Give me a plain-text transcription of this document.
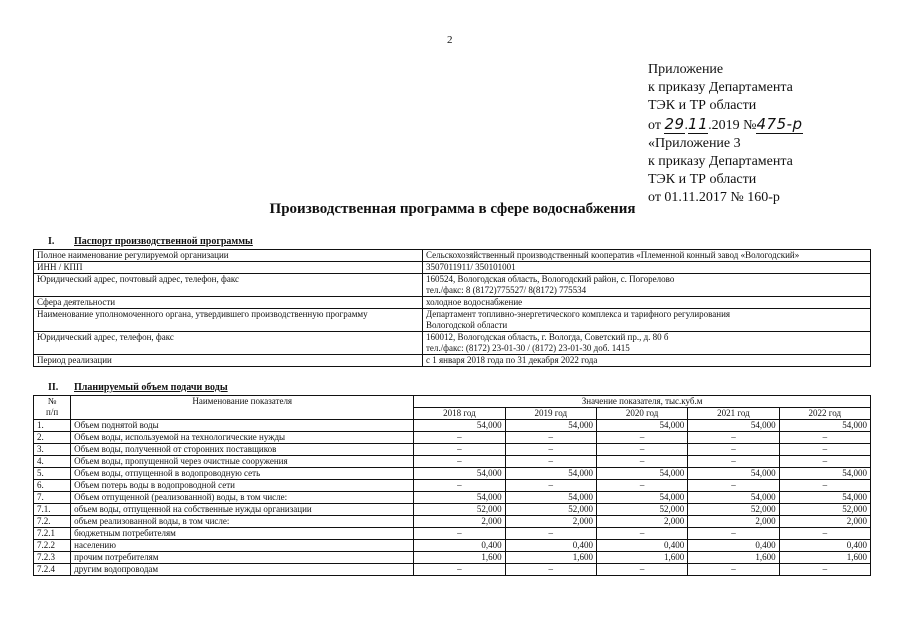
2
Приложение
к приказу Департамента
ТЭК и ТР области
от 29.11.2019 №475-р
«Приложение 3
к приказу Департамента
ТЭК и ТР области
от 01.11.2017 № 160-р
Производственная программа в сфере водоснабжения
I. Паспорт производственной программы
Полное наименование регулируемой организации	Сельскохозяйственный производственный кооператив «Племенной конный завод «Вологодский»

ИНН / КПП	3507011911/ 350101001

Юридический адрес, почтовый адрес, телефон, факс	160524, Вологодская область, Вологодский район, с. Погорелово
тел./факс: 8 (8172)775527/ 8(8172) 775534

Сфера деятельности	холодное водоснабжение

Наименование уполномоченного органа, утвердившего производственную программу	Департамент топливно-энергетического комплекса и тарифного регулирования
Вологодской области

Юридический адрес, телефон, факс	160012, Вологодская область, г. Вологда, Советский пр., д. 80 б
тел./факс: (8172) 23-01-30 / (8172) 23-01-30 доб. 1415

Период реализации	с 1 января 2018 года по 31 декабря 2022 года
II. Планируемый объем подачи воды
№
п/п	Наименование показателя	Значение показателя, тыс.куб.м				
		2018 год	2019 год	2020 год	2021 год	2022 год
1.	Объем поднятой воды	54,000	54,000	54,000	54,000	54,000
2.	Объем воды, используемой на технологические нужды	–	–	–	–	–
3.	Объем воды, полученной от сторонних поставщиков	–	–	–	–	–
4.	Объем воды, пропущенной через очистные сооружения	–	–	–	–	–
5.	Объем воды, отпущенной в водопроводную сеть	54,000	54,000	54,000	54,000	54,000
6.	Объем потерь воды в водопроводной сети	–	–	–	–	–
7.	Объем отпущенной (реализованной) воды, в том числе:	54,000	54,000	54,000	54,000	54,000
7.1.	объем воды, отпущенной на собственные нужды организации	52,000	52,000	52,000	52,000	52,000
7.2.	объем реализованной воды, в том числе:	2,000	2,000	2,000	2,000	2,000
7.2.1	бюджетным потребителям	–	–	–	–	–
7.2.2	населению	0,400	0,400	0,400	0,400	0,400
7.2.3	прочим потребителям	1,600	1,600	1,600	1,600	1,600
7.2.4	другим водопроводам	–	–	–	–	–
